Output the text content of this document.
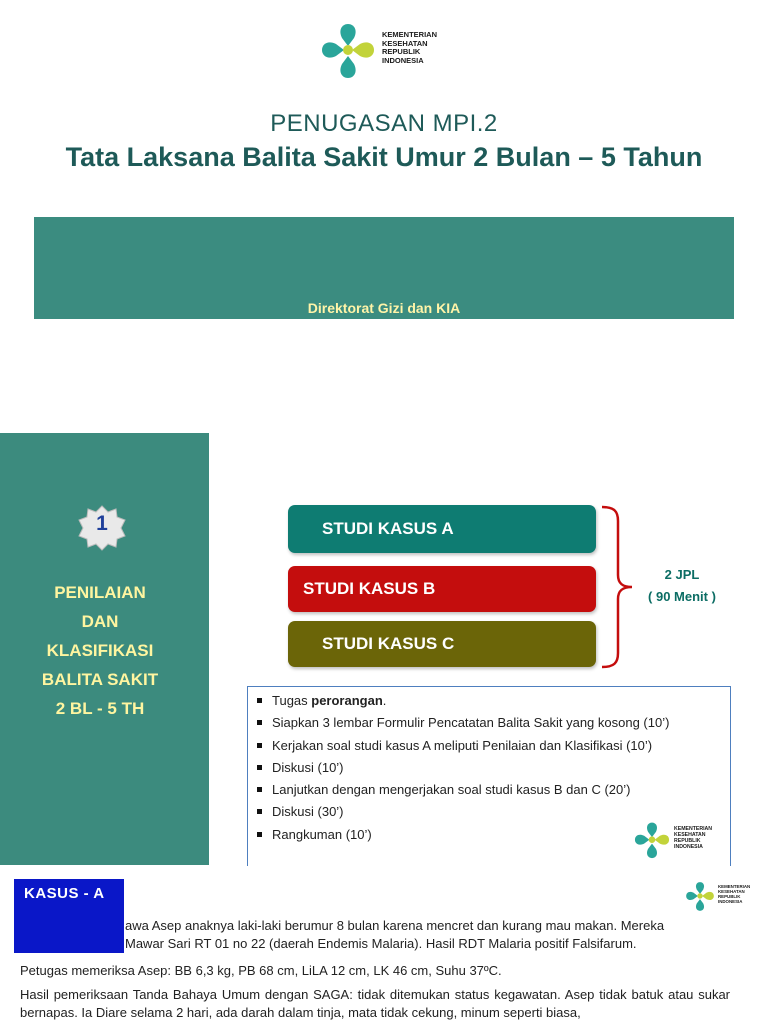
KEMENTERIAN
KESEHATAN
REPUBLIK
INDONESIA
PENUGASAN MPI.2
Tata Laksana Balita Sakit Umur 2 Bulan – 5 Tahun
Direktorat Gizi dan KIA
1
PENILAIAN
DAN
KLASIFIKASI
BALITA SAKIT
2 BL - 5 TH
STUDI KASUS A
STUDI KASUS B
STUDI KASUS C
2 JPL
( 90 Menit )
Tugas perorangan.
Siapkan 3 lembar Formulir Pencatatan Balita Sakit yang kosong (10’)
Kerjakan soal studi kasus A meliputi Penilaian dan Klasifikasi (10’)
Diskusi (10’)
Lanjutkan dengan mengerjakan soal studi kasus B dan C (20’)
Diskusi (30’)
Rangkuman (10’)	KEMENTERIAN
KESEHATAN
REPUBLIK
INDONESIA
KASUS - A	KEMENTERIAN
KESEHATAN
REPUBLIK
INDONESIA
awa Asep anaknya laki-laki berumur 8 bulan karena mencret dan kurang mau makan. Mereka
Mawar Sari RT 01 no 22 (daerah Endemis Malaria). Hasil RDT Malaria positif Falsifarum.
Petugas memeriksa Asep: BB 6,3 kg, PB 68 cm, LiLA 12 cm, LK 46 cm, Suhu 37ºC.
Hasil pemeriksaan Tanda Bahaya Umum dengan SAGA: tidak ditemukan status kegawatan. Asep tidak batuk atau sukar bernapas. Ia Diare selama 2 hari, ada darah dalam tinja, mata tidak cekung, minum seperti biasa,
